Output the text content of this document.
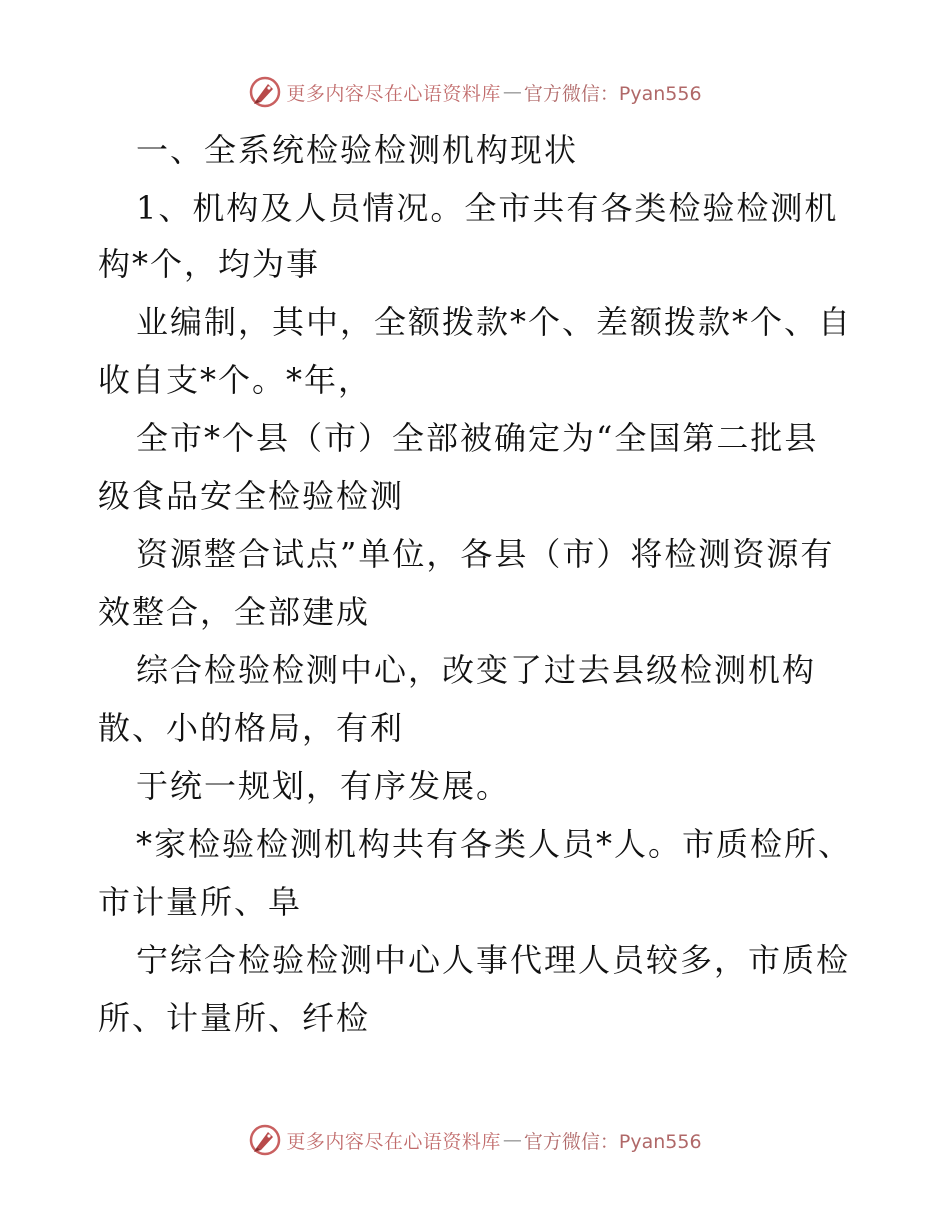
更多内容尽在心语资料库 — 官方微信：Pyan556
一、全系统检验检测机构现状
1、机构及人员情况。全市共有各类检验检测机
构*个，均为事
业编制，其中，全额拨款*个、差额拨款*个、自
收自支*个。*年，
全市*个县（市）全部被确定为“全国第二批县
级食品安全检验检测
资源整合试点”单位，各县（市）将检测资源有
效整合，全部建成
综合检验检测中心，改变了过去县级检测机构
散、小的格局，有利
于统一规划，有序发展。
*家检验检测机构共有各类人员*人。市质检所、
市计量所、阜
宁综合检验检测中心人事代理人员较多，市质检
所、计量所、纤检
更多内容尽在心语资料库 — 官方微信：Pyan556
